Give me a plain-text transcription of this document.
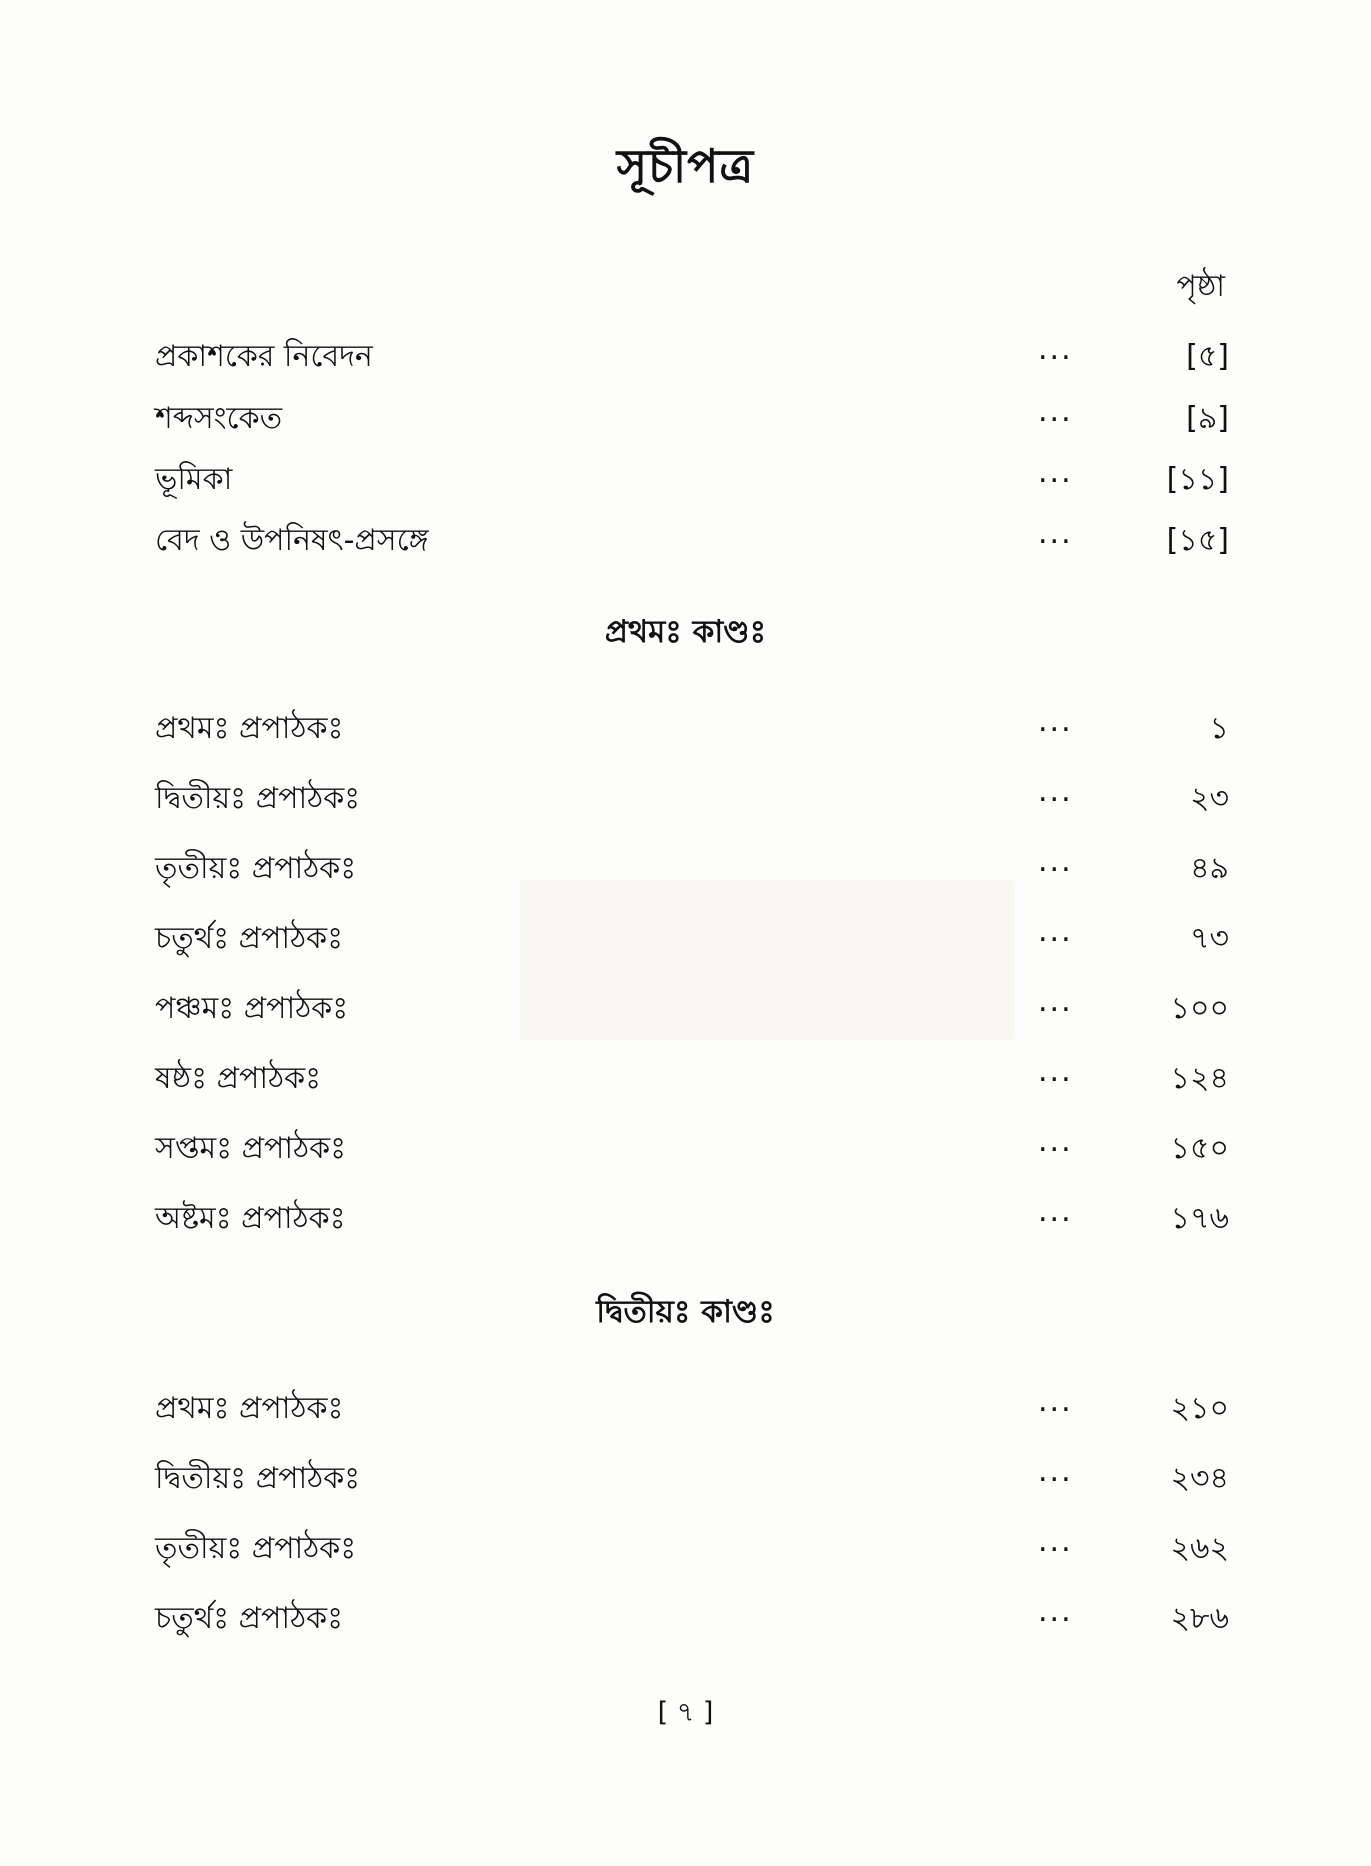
সূচীপত্র
পৃষ্ঠা
প্রকাশকের নিবেদন	...	[৫]
শব্দসংকেত	...	[৯]
ভূমিকা	...	[১১]
বেদ ও উপনিষৎ-প্রসঙ্গে	...	[১৫]
প্রথমঃ কাণ্ডঃ
প্রথমঃ প্রপাঠকঃ	...	১
দ্বিতীয়ঃ প্রপাঠকঃ	...	২৩
তৃতীয়ঃ প্রপাঠকঃ	...	৪৯
চতুর্থঃ প্রপাঠকঃ	...	৭৩
পঞ্চমঃ প্রপাঠকঃ	...	১০০
ষষ্ঠঃ প্রপাঠকঃ	...	১২৪
সপ্তমঃ প্রপাঠকঃ	...	১৫০
অষ্টমঃ প্রপাঠকঃ	...	১৭৬
দ্বিতীয়ঃ কাণ্ডঃ
প্রথমঃ প্রপাঠকঃ	...	২১০
দ্বিতীয়ঃ প্রপাঠকঃ	...	২৩৪
তৃতীয়ঃ প্রপাঠকঃ	...	২৬২
চতুর্থঃ প্রপাঠকঃ	...	২৮৬
[ ৭ ]
